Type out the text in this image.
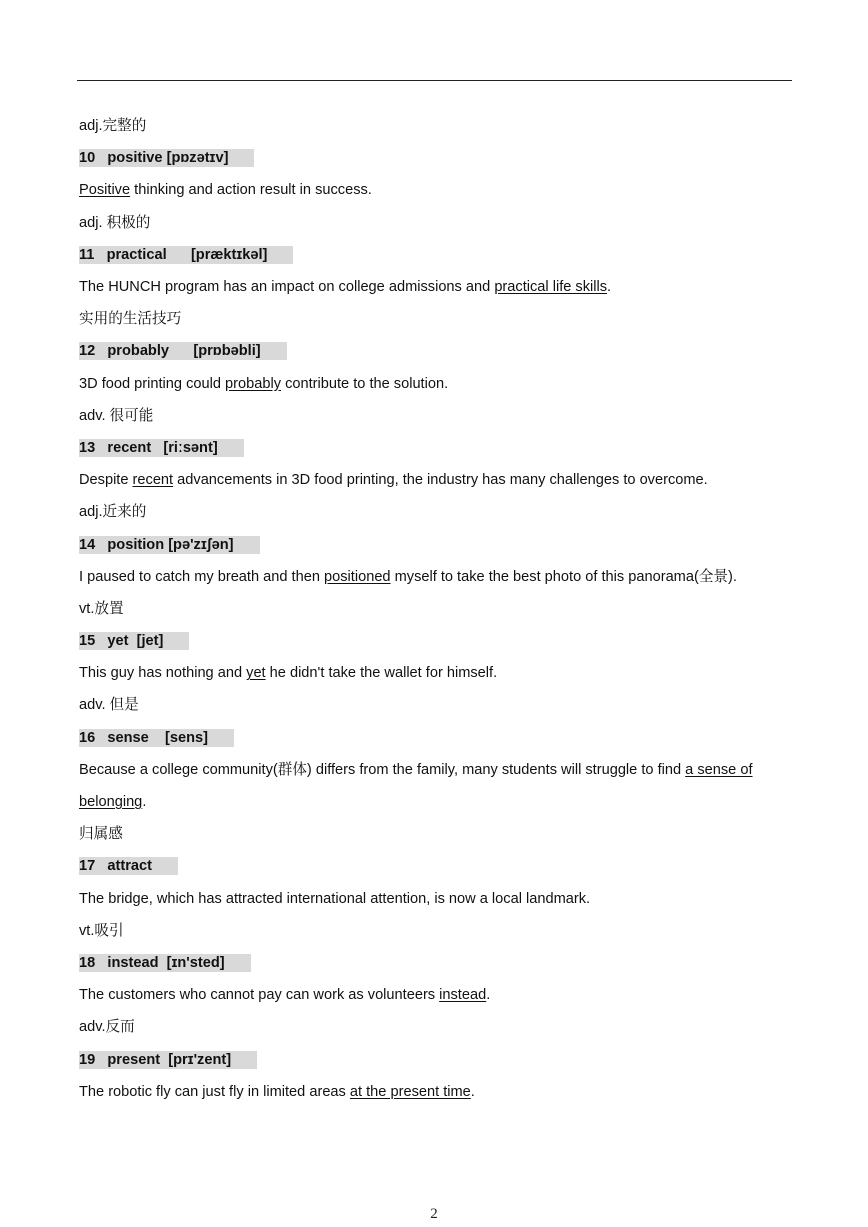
adj.完整的
10   positive [pɒzətɪv]
Positive thinking and action result in success.
adj. 积极的
11   practical      [præktɪkəl]
The HUNCH program has an impact on college admissions and practical life skills.
实用的生活技巧
12   probably      [prɒbəbli]
3D food printing could probably contribute to the solution.
adv. 很可能
13   recent   [riːsənt]
Despite recent advancements in 3D food printing, the industry has many challenges to overcome.
adj.近来的
14   position [pə'zɪʃən]
I paused to catch my breath and then positioned myself to take the best photo of this panorama(全景).
vt.放置
15   yet  [jet]
This guy has nothing and yet he didn't take the wallet for himself.
adv. 但是
16   sense    [sens]
Because a college community(群体) differs from the family, many students will struggle to find a sense of
belonging.
归属感
17   attract
The bridge, which has attracted international attention, is now a local landmark.
vt.吸引
18   instead  [ɪn'sted]
The customers who cannot pay can work as volunteers instead.
adv.反而
19   present  [prɪ'zent]
The robotic fly can just fly in limited areas at the present time.
2
